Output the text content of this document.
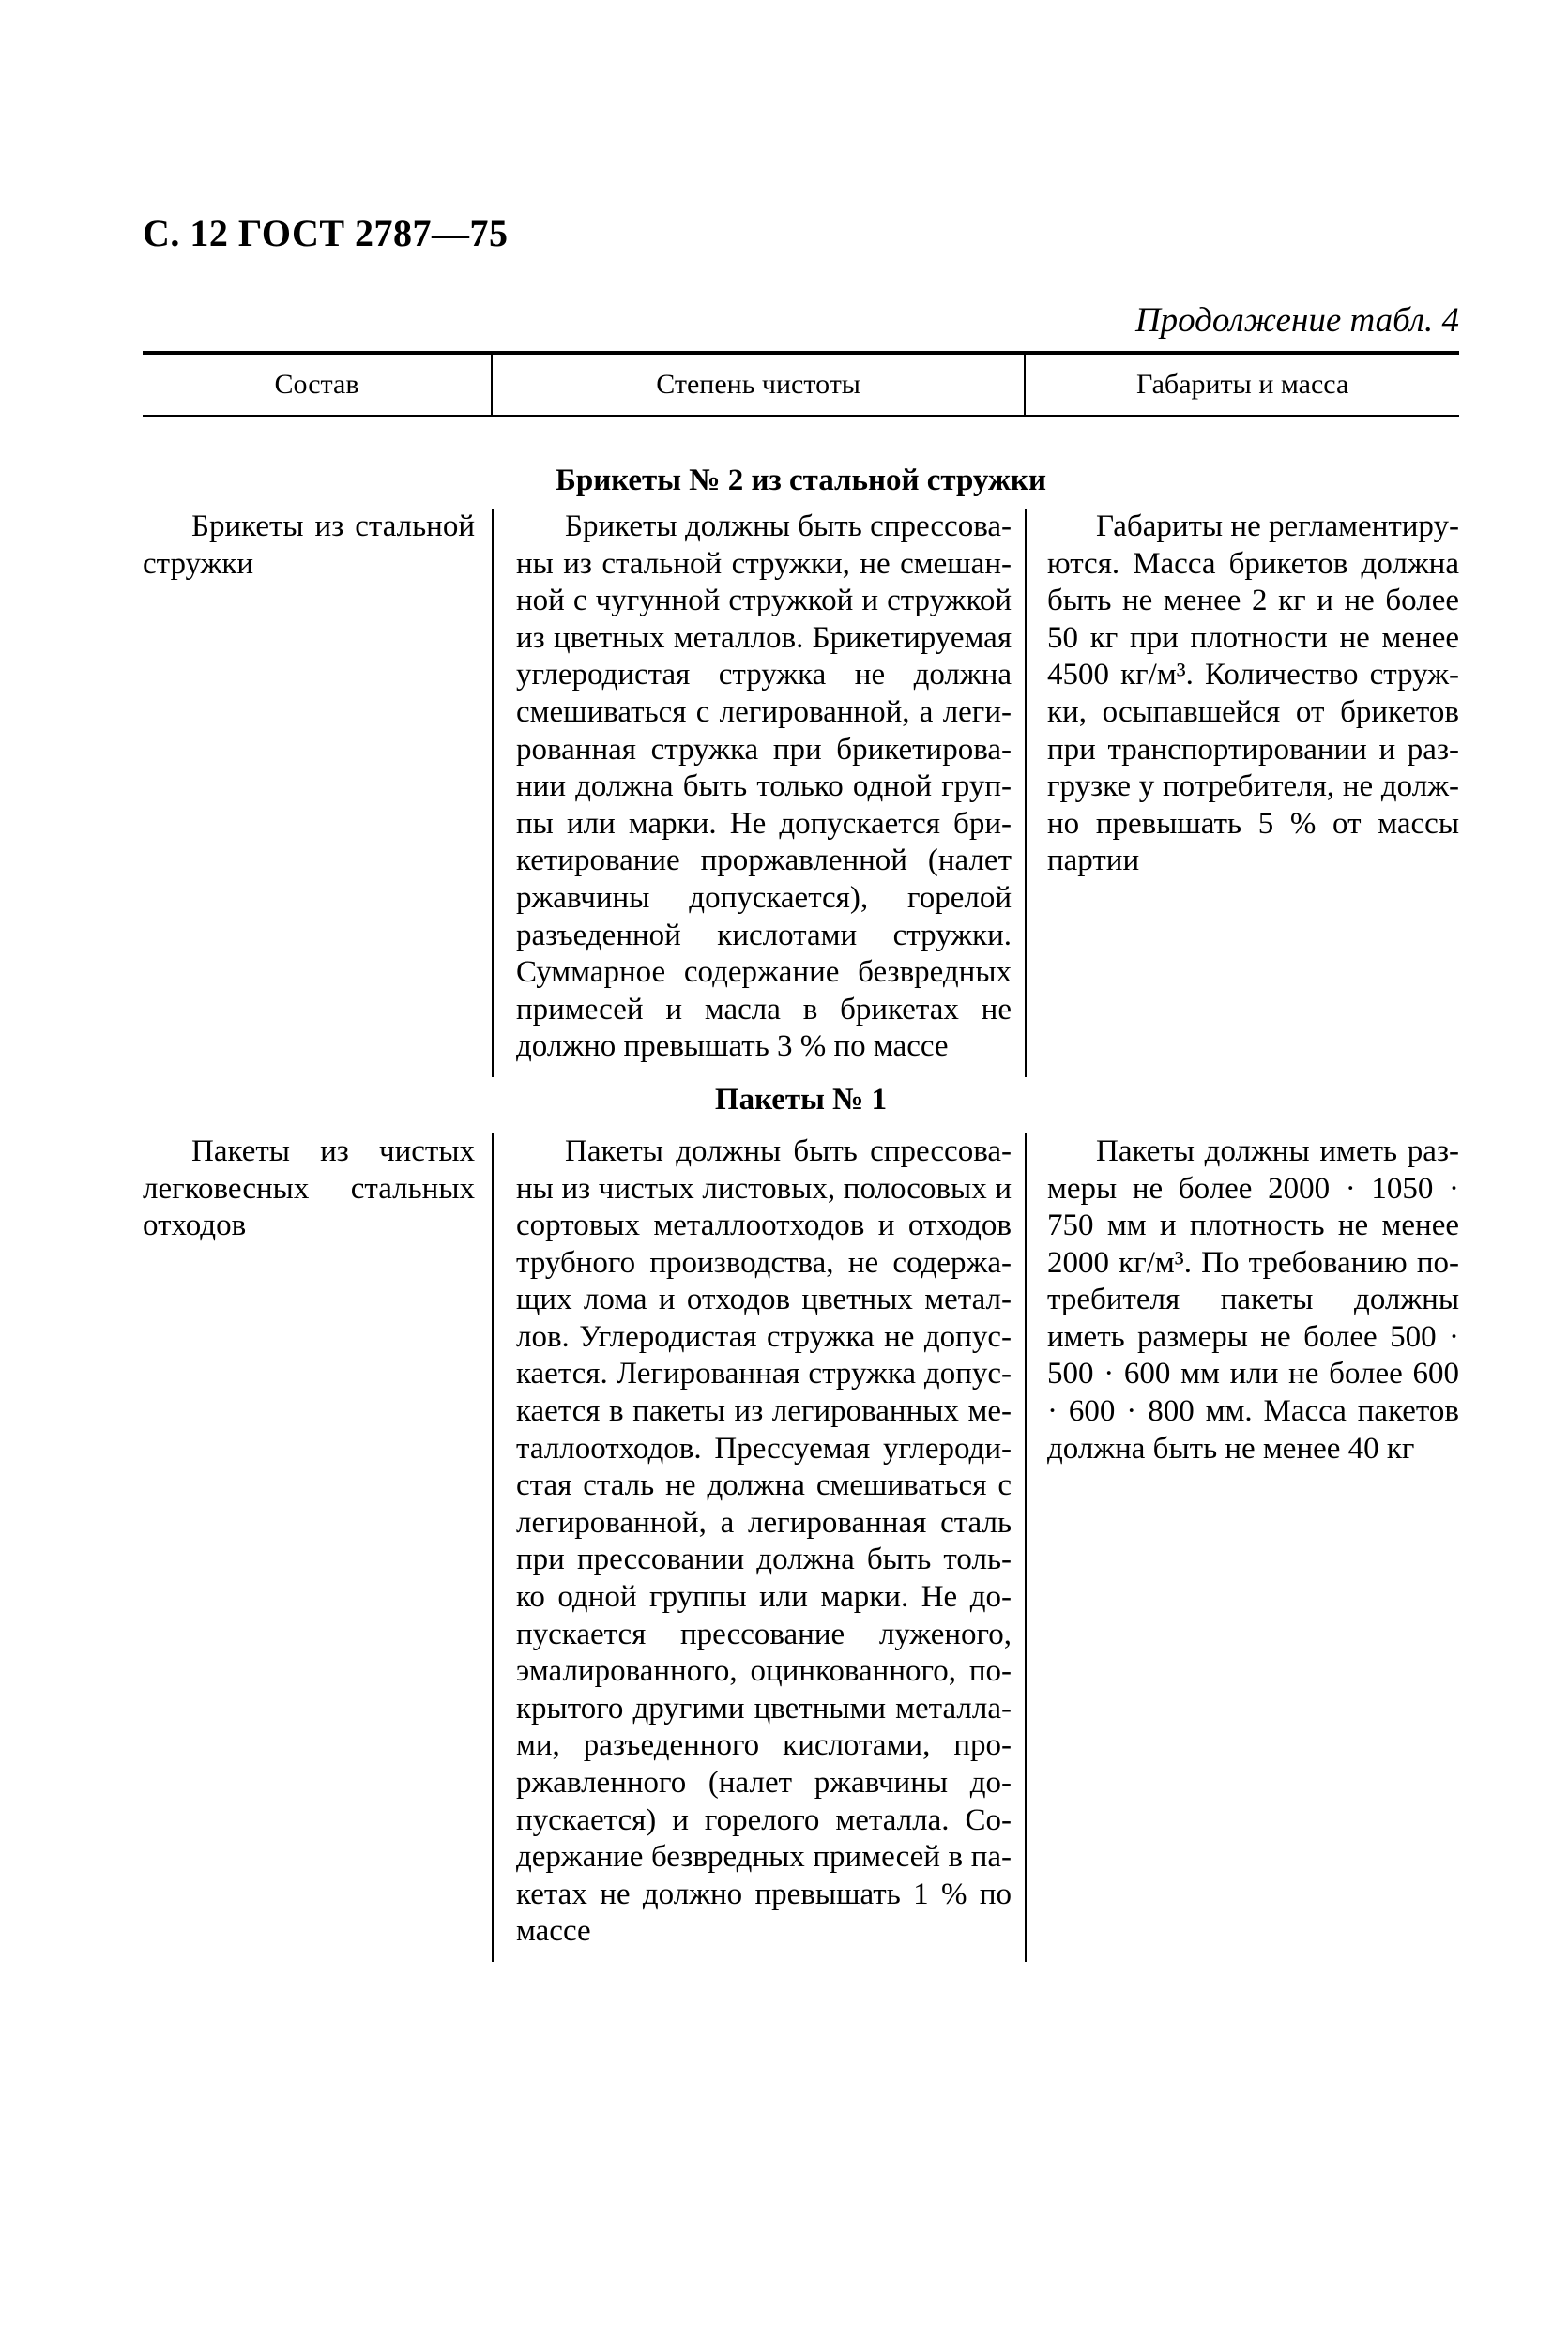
С. 12 ГОСТ 2787—75
Продолжение табл. 4
Состав	Степень чистоты	Габариты и масса
Брикеты № 2 из стальной стружки

Брикеты из стальной стружки

Брикеты должны быть спрессованы из стальной стружки, не смешанной с чугунной стружкой и стружкой из цветных металлов. Брикетируемая углеродистая стружка не должна смешиваться с легированной, а легированная стружка при брикетировании должна быть только одной группы или марки. Не допускается брикетирование проржавленной (налет ржавчины допускается), горелой разъеденной кислотами стружки. Суммарное содержание безвредных примесей и масла в брикетах не должно превышать 3 % по массе

Габариты не регламентируются. Масса брикетов должна быть не менее 2 кг и не более 50 кг при плотности не менее 4500 кг/м³. Количество стружки, осыпавшейся от брикетов при транспортировании и разгрузке у потребителя, не должно превышать 5 % от массы партии

Пакеты № 1

Пакеты из чистых легковесных стальных отходов

Пакеты должны быть спрессованы из чистых листовых, полосовых и сортовых металлоотходов и отходов трубного производства, не содержащих лома и отходов цветных металлов. Углеродистая стружка не допускается. Легированная стружка допускается в пакеты из легированных металлоотходов. Прессуемая углеродистая сталь не должна смешиваться с легированной, а легированная сталь при прессовании должна быть только одной группы или марки. Не допускается прессование луженого, эмалированного, оцинкованного, покрытого другими цветными металлами, разъеденного кислотами, проржавленного (налет ржавчины допускается) и горелого металла. Содержание безвредных примесей в пакетах не должно превышать 1 % по массе

Пакеты должны иметь размеры не более 2000 · 1050 · 750 мм и плотность не менее 2000 кг/м³. По требованию потребителя пакеты должны иметь размеры не более 500 · 500 · 600 мм или не более 600 · 600 · 800 мм. Масса пакетов должна быть не менее 40 кг
